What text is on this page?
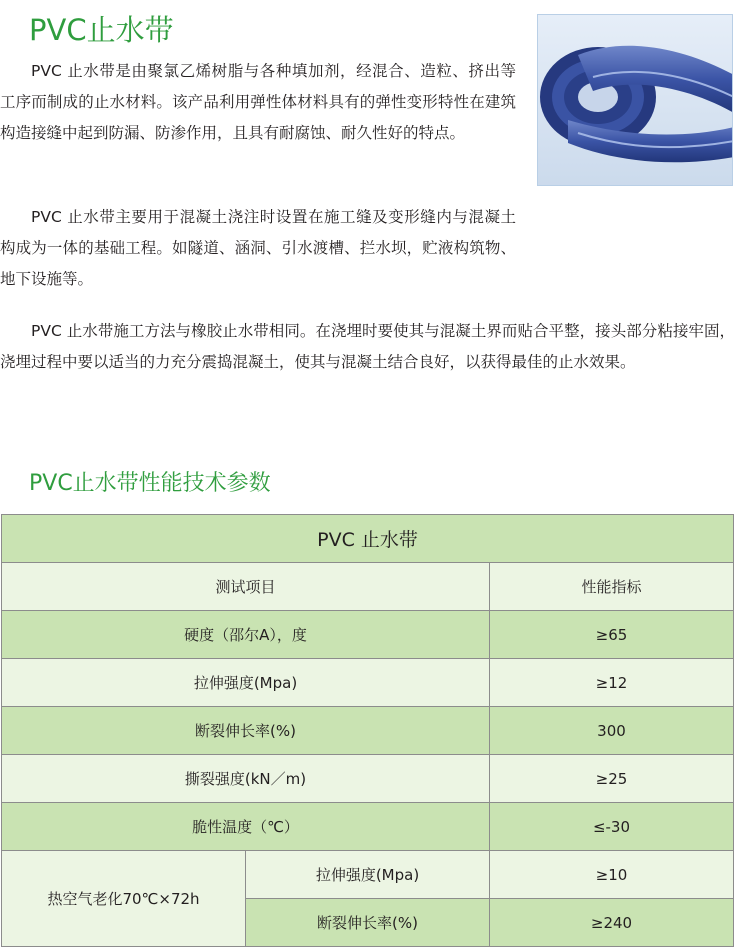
PVC止水带

PVC 止水带是由聚氯乙烯树脂与各种填加剂，经混合、造粒、挤出等工序而制成的止水材料。该产品利用弹性体材料具有的弹性变形特性在建筑构造接缝中起到防漏、防渗作用，且具有耐腐蚀、耐久性好的特点。

PVC 止水带主要用于混凝土浇注时设置在施工缝及变形缝内与混凝土构成为一体的基础工程。如隧道、涵洞、引水渡槽、拦水坝，贮液构筑物、地下设施等。

PVC 止水带施工方法与橡胶止水带相同。在浇埋时要使其与混凝土界而贴合平整，接头部分粘接牢固，浇埋过程中要以适当的力充分震捣混凝土，使其与混凝土结合良好，以获得最佳的止水效果。

PVC止水带性能技术参数
PVC 止水带		
测试项目		性能指标
硬度（邵尔A），度		≥65
拉伸强度(Mpa)		≥12
断裂伸长率(%)		300
撕裂强度(kN／m)		≥25
脆性温度（℃）		≤-30
热空气老化70℃×72h	拉伸强度(Mpa)	≥10
	断裂伸长率(%)	≥240
